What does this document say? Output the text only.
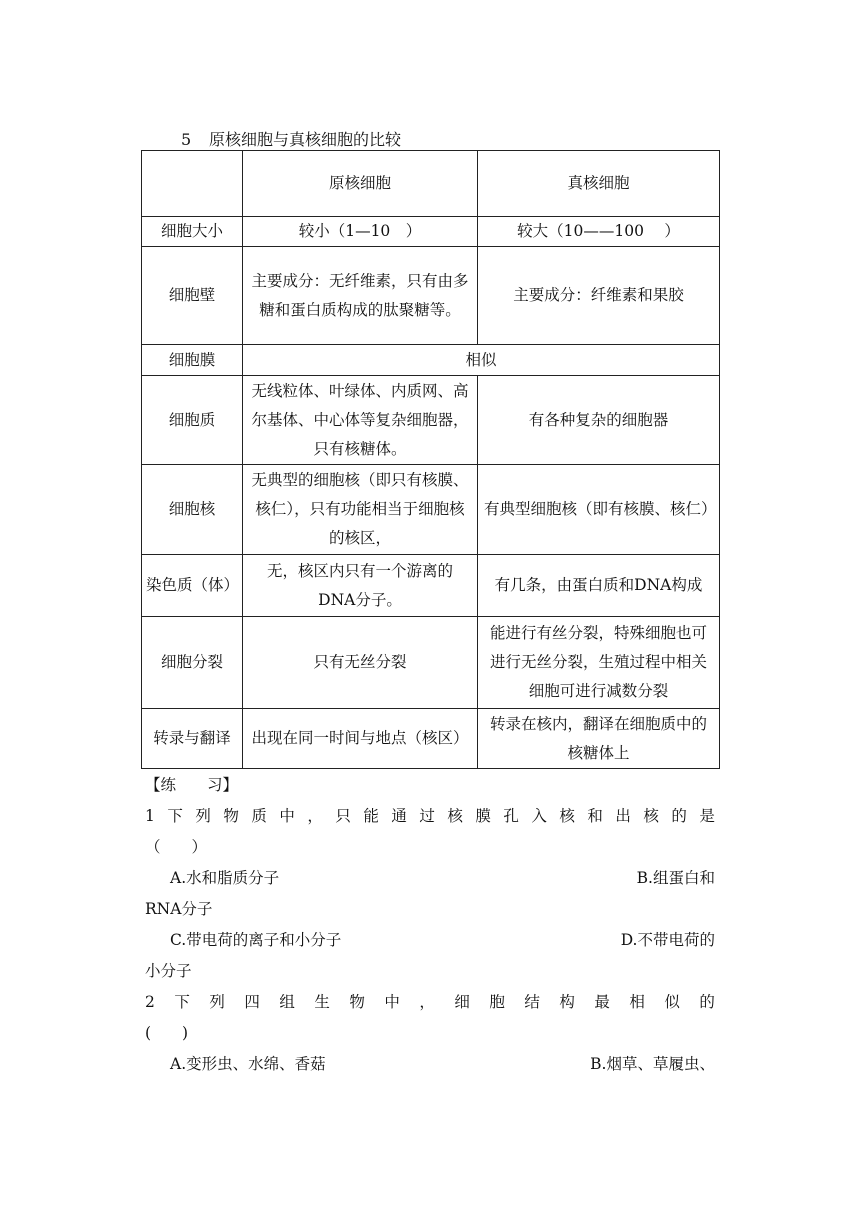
5 原核细胞与真核细胞的比较
	原核细胞	真核细胞
细胞大小	较小（1—10　）	较大（10——100　 ）
细胞壁	主要成分：无纤维素，只有由多糖和蛋白质构成的肽聚糖等。	主要成分：纤维素和果胶
细胞膜	相似	
细胞质	无线粒体、叶绿体、内质网、高尔基体、中心体等复杂细胞器，只有核糖体。	有各种复杂的细胞器
细胞核	无典型的细胞核（即只有核膜、核仁），只有功能相当于细胞核的核区，	有典型细胞核（即有核膜、核仁）
染色质（体）	无，核区内只有一个游离的DNA分子。	有几条，由蛋白质和DNA构成
细胞分裂	只有无丝分裂	能进行有丝分裂，特殊细胞也可进行无丝分裂，生殖过程中相关细胞可进行减数分裂
转录与翻译	出现在同一时间与地点（核区）	转录在核内，翻译在细胞质中的核糖体上
【练　　习】
1 下 列 物 质 中 ， 只 能 通 过 核 膜 孔 入 核 和 出 核 的 是
（　　）
A.水和脂质分子	B.组蛋白和
RNA分子
C.带电荷的离子和小分子	D.不带电荷的
小分子
2 下 列 四 组 生 物 中 ， 细 胞 结 构 最 相 似 的
(　　)
A.变形虫、水绵、香菇	B.烟草、草履虫、
